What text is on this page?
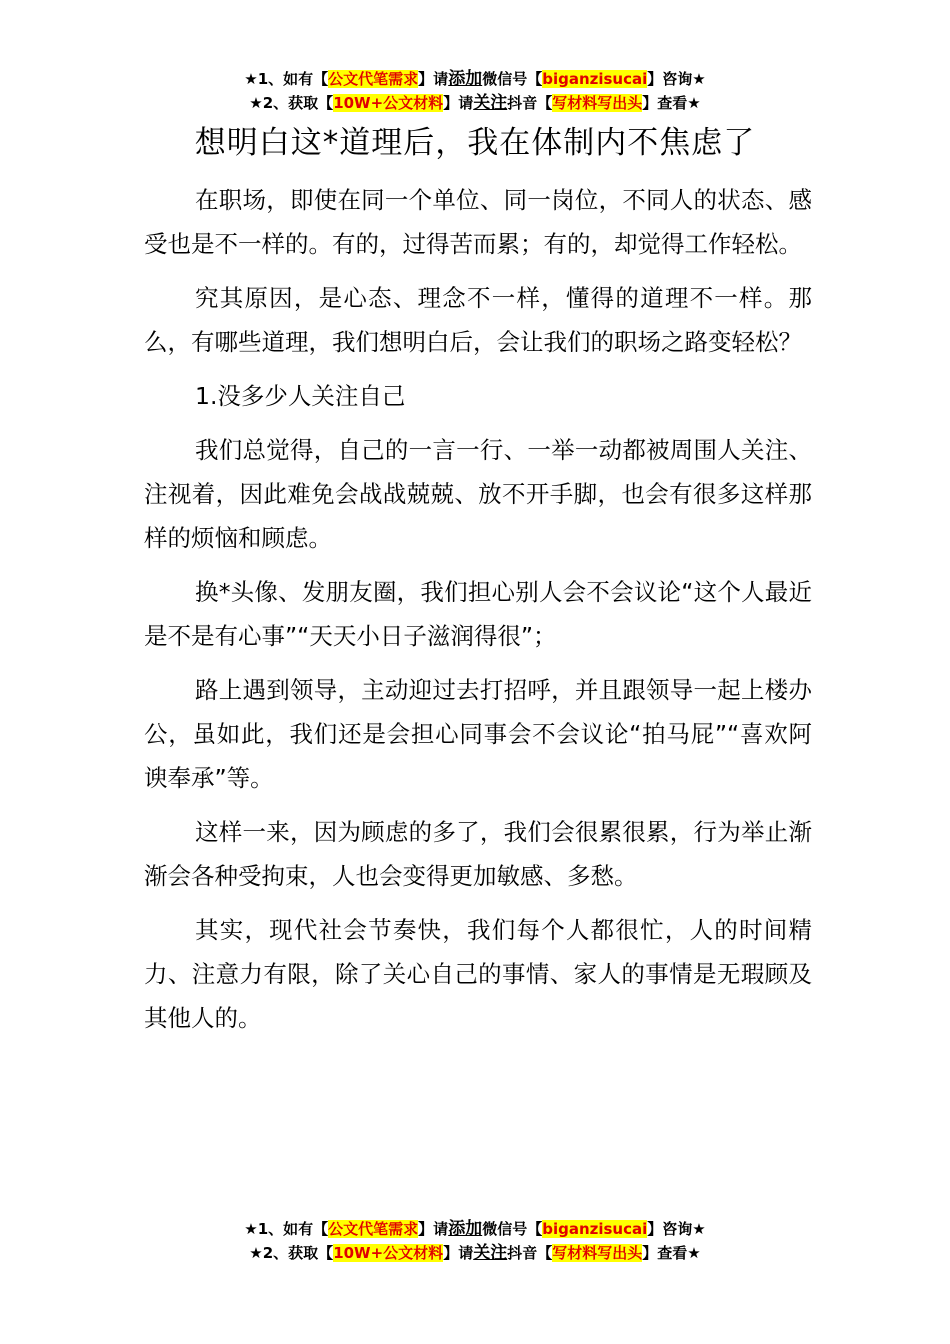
★1、如有【公文代笔需求】请添加微信号【biganzisucai】咨询★
★2、获取【10W+公文材料】请关注抖音【写材料写出头】查看★
想明白这*道理后，我在体制内不焦虑了

在职场，即使在同一个单位、同一岗位，不同人的状态、感受也是不一样的。有的，过得苦而累；有的，却觉得工作轻松。

究其原因，是心态、理念不一样，懂得的道理不一样。那么，有哪些道理，我们想明白后，会让我们的职场之路变轻松？

1.没多少人关注自己

我们总觉得，自己的一言一行、一举一动都被周围人关注、注视着，因此难免会战战兢兢、放不开手脚，也会有很多这样那样的烦恼和顾虑。

换*头像、发朋友圈，我们担心别人会不会议论“这个人最近是不是有心事”“天天小日子滋润得很”；

路上遇到领导，主动迎过去打招呼，并且跟领导一起上楼办公，虽如此，我们还是会担心同事会不会议论“拍马屁”“喜欢阿谀奉承”等。

这样一来，因为顾虑的多了，我们会很累很累，行为举止渐渐会各种受拘束，人也会变得更加敏感、多愁。

其实，现代社会节奏快，我们每个人都很忙，人的时间精力、注意力有限，除了关心自己的事情、家人的事情是无瑕顾及其他人的。

★1、如有【公文代笔需求】请添加微信号【biganzisucai】咨询★
★2、获取【10W+公文材料】请关注抖音【写材料写出头】查看★
